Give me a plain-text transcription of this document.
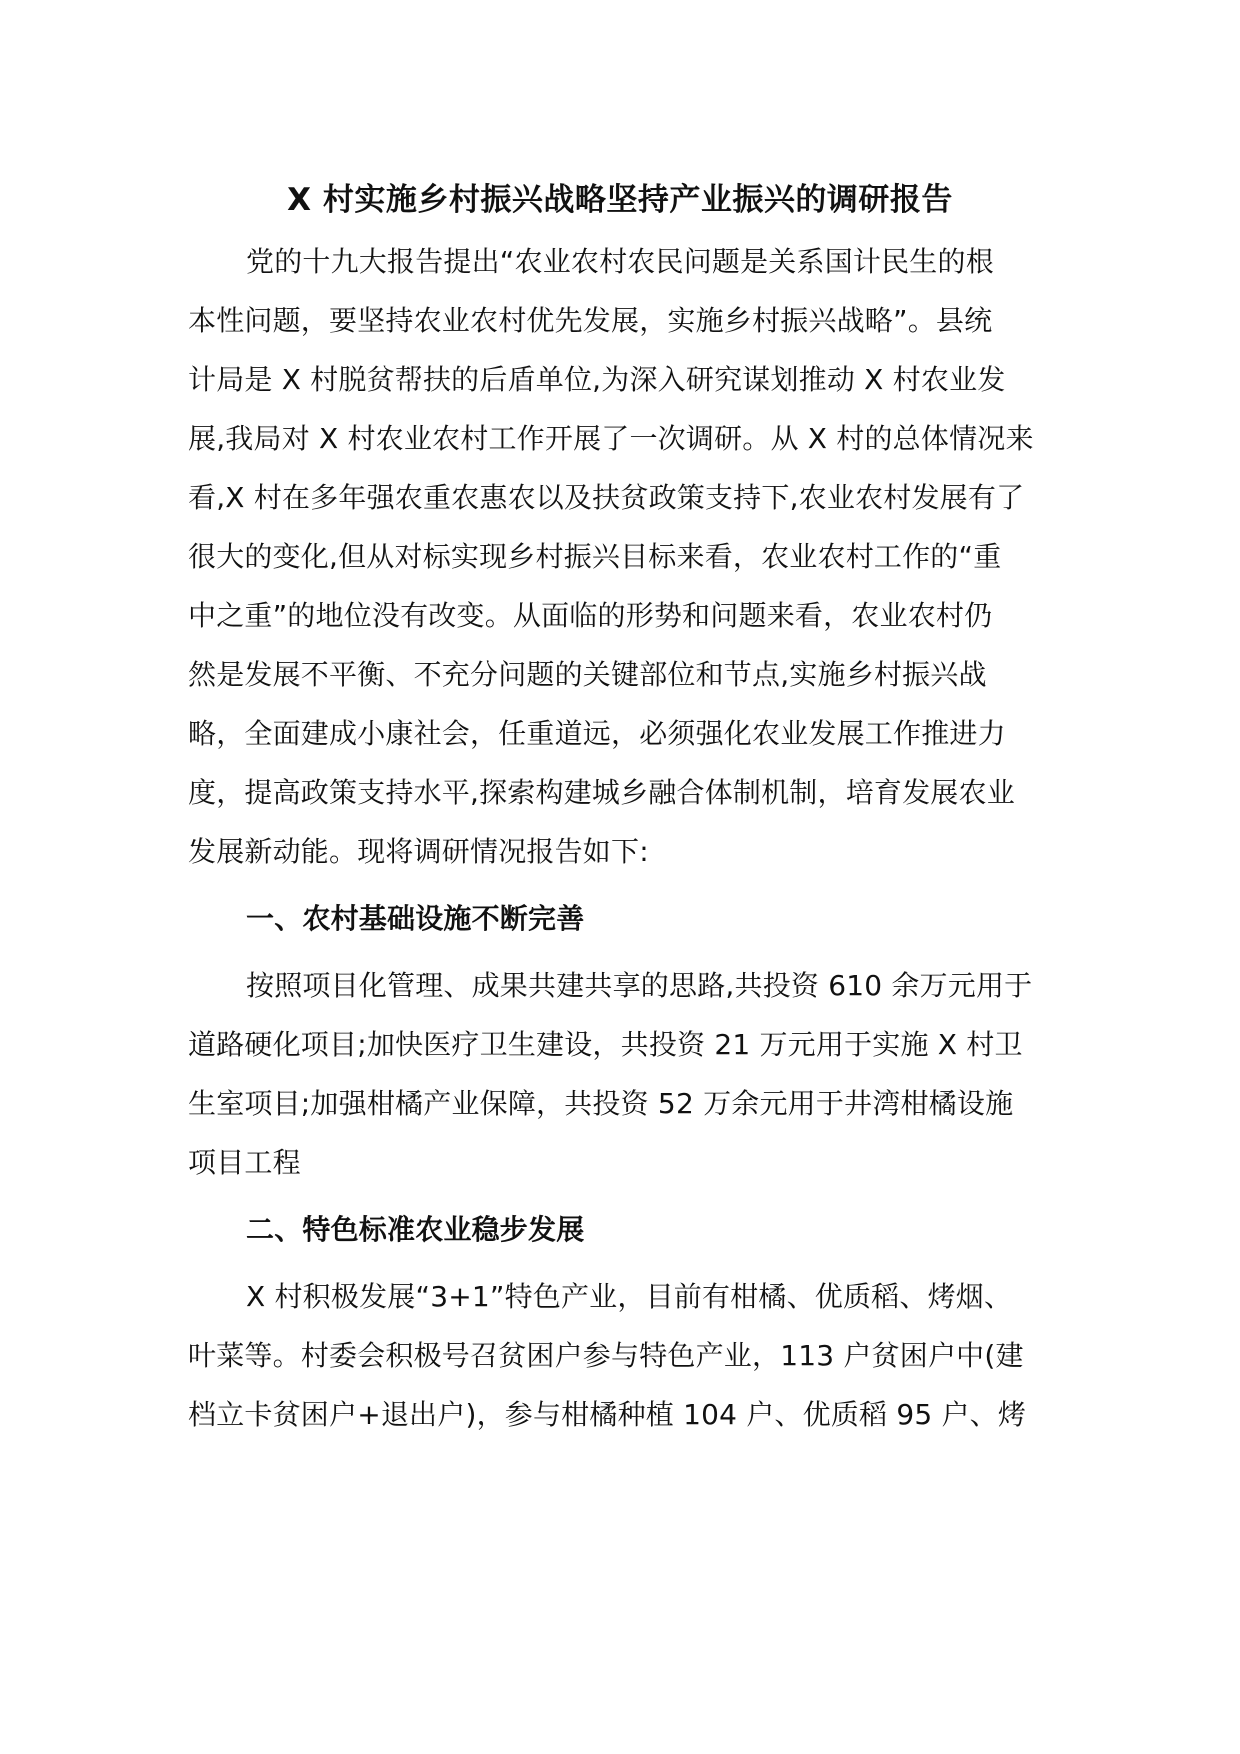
X 村实施乡村振兴战略坚持产业振兴的调研报告
党的十九大报告提出“农业农村农民问题是关系国计民生的根
本性问题，要坚持农业农村优先发展，实施乡村振兴战略”。县统
计局是 X 村脱贫帮扶的后盾单位,为深入研究谋划推动 X 村农业发
展,我局对 X 村农业农村工作开展了一次调研。从 X 村的总体情况来
看,X 村在多年强农重农惠农以及扶贫政策支持下,农业农村发展有了
很大的变化,但从对标实现乡村振兴目标来看，农业农村工作的“重
中之重”的地位没有改变。从面临的形势和问题来看，农业农村仍
然是发展不平衡、不充分问题的关键部位和节点,实施乡村振兴战
略，全面建成小康社会，任重道远，必须强化农业发展工作推进力
度，提高政策支持水平,探索构建城乡融合体制机制，培育发展农业
发展新动能。现将调研情况报告如下:
一、农村基础设施不断完善
按照项目化管理、成果共建共享的思路,共投资 610 余万元用于
道路硬化项目;加快医疗卫生建设，共投资 21 万元用于实施 X 村卫
生室项目;加强柑橘产业保障，共投资 52 万余元用于井湾柑橘设施
项目工程
二、特色标准农业稳步发展
X 村积极发展“3+1”特色产业，目前有柑橘、优质稻、烤烟、
叶菜等。村委会积极号召贫困户参与特色产业，113 户贫困户中(建
档立卡贫困户+退出户)，参与柑橘种植 104 户、优质稻 95 户、烤
